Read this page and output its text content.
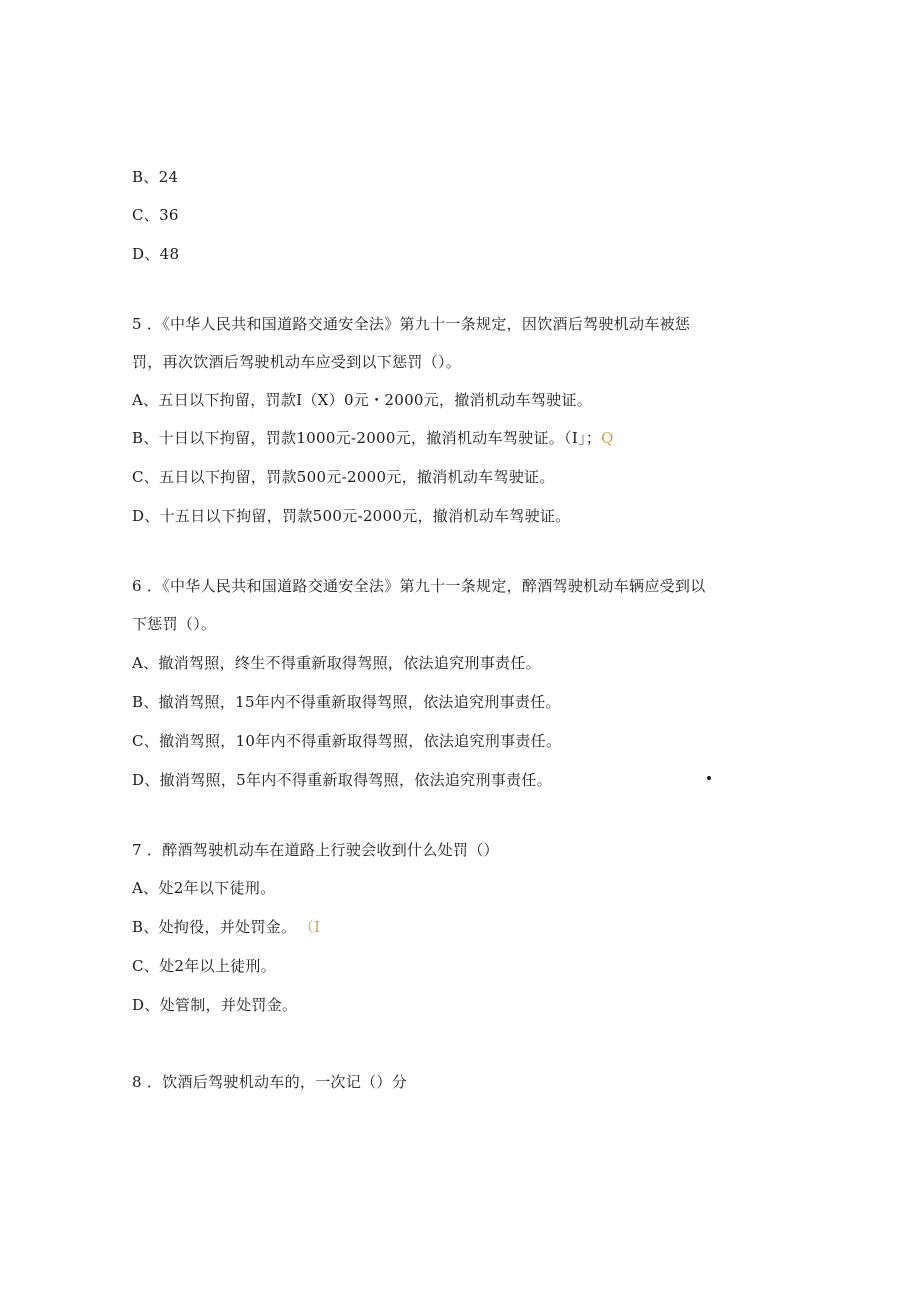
B、24
C、36
D、48
5 ．《中华人民共和国道路交通安全法》第九十一条规定，因饮酒后驾驶机动车被惩
罚，再次饮酒后驾驶机动车应受到以下惩罚（）。
A、五日以下拘留，罚款I（X）0元・2000元，撤消机动车驾驶证。
B、十日以下拘留，罚款1000元-2000元，撤消机动车驾驶证。（I」；Q
C、五日以下拘留，罚款500元-2000元，撤消机动车驾驶证。
D、十五日以下拘留，罚款500元-2000元，撤消机动车驾驶证。
6 ．《中华人民共和国道路交通安全法》第九十一条规定，醉酒驾驶机动车辆应受到以
下惩罚（）。
A、撤消驾照，终生不得重新取得驾照，依法追究刑事责任。
B、撤消驾照，15年内不得重新取得驾照，依法追究刑事责任。
C、撤消驾照，10年内不得重新取得驾照，依法追究刑事责任。
D、撤消驾照，5年内不得重新取得驾照，依法追究刑事责任。
7 ．醉酒驾驶机动车在道路上行驶会收到什么处罚（）
A、处2年以下徒刑。
B、处拘役，并处罚金。 （I
C、处2年以上徒刑。
D、处管制，并处罚金。
8 ．饮酒后驾驶机动车的，一次记（）分
